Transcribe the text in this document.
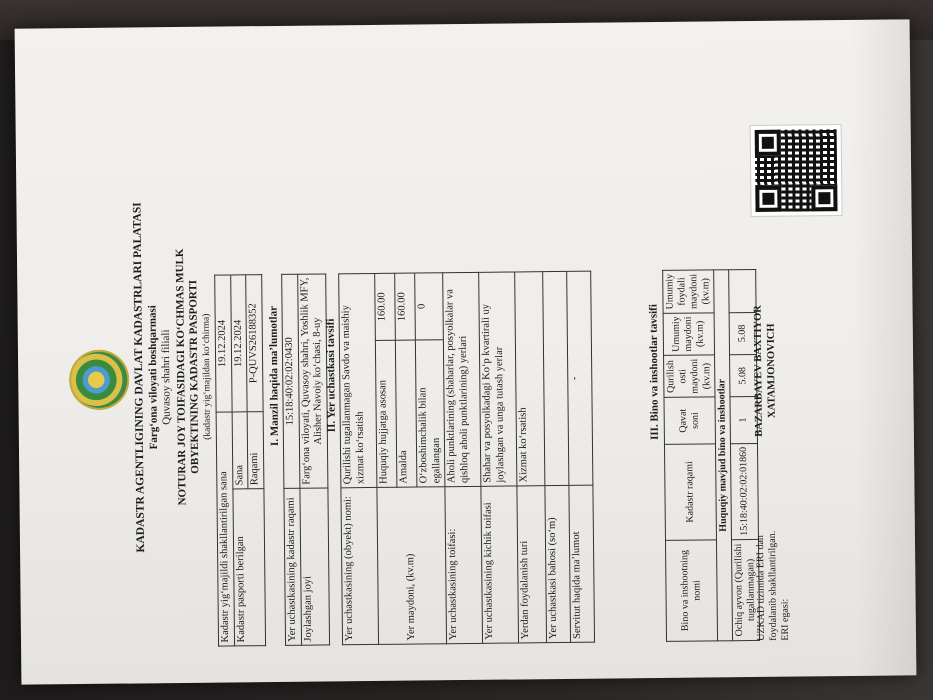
KADASTR AGENTLIGINING DAVLAT KADASTRLARI PALATASI Farg‘ona viloyati boshqarmasi Quvasoy shahri filiali NOTURAR JOY TOIFASIDAGI KO‘CHMAS MULK
OBYEKTINING KADASTR PASPORTI (kadastr yig‘majildan ko‘chirma)
Kadastr yig‘majildi shakllantirilgan sana		19.12.2024
Kadastr pasporti berilgan	Sana	19.12.2024
	Raqami	P-QUVS26188352 I. Manzil haqida ma’lumotlar
Yer uchastkasining kadastr raqami	15:18:40:02:02:0430
Joylashgan joyi	Farg‘ona viloyati, Quvasoy shahri, Yoshlik MFY, Alisher Navoiy ko‘chasi, 8-uy II. Yer uchastkasi tavsifi
Yer uchastkasining (obyekt) nomi:	Qurilishi tugallanmagan Savdo va maishiy xizmat ko‘rsatish	
Yer maydoni, (kv.m)	Huquqiy hujjatga asosan	160.00
	Amalda	160.00
	O‘zboshimchalik bilan egallangan	0
Yer uchastkasining toifasi:	Aholi punktlarining (shaharlar, posyolkalar va qishloq aholi punktlarining) yerlari	
Yer uchastkasining kichik toifasi	Shahar va posyolkadagi Ko‘p kvartirali uy joylashgan va unga tutash yerlar	
Yerdan foydalanish turi	Xizmat ko‘rsatish	
Yer uchastkasi bahosi (so‘m)		
Servitut haqida ma’lumot	-		III. Bino va inshootlar tavsifi
Bino va inshootning nomi	Kadastr raqami	Qavat soni	Qurilish osti maydoni (kv.m)	Umumiy maydoni (kv.m)	Umumiy foydali maydoni (kv.m)
Huquqiy mavjud bino va inshootlar					
Ochiq ayvon (Qurilishi tugallanmagan)	15:18:40:02:02:01860	1	5.08	5.08	
UZKAD tizimida ERI dan foydalanib shakllantirilgan. ERI egasi:
BAZARBAYEV BAXTIYOR XATAMJONOVICH
